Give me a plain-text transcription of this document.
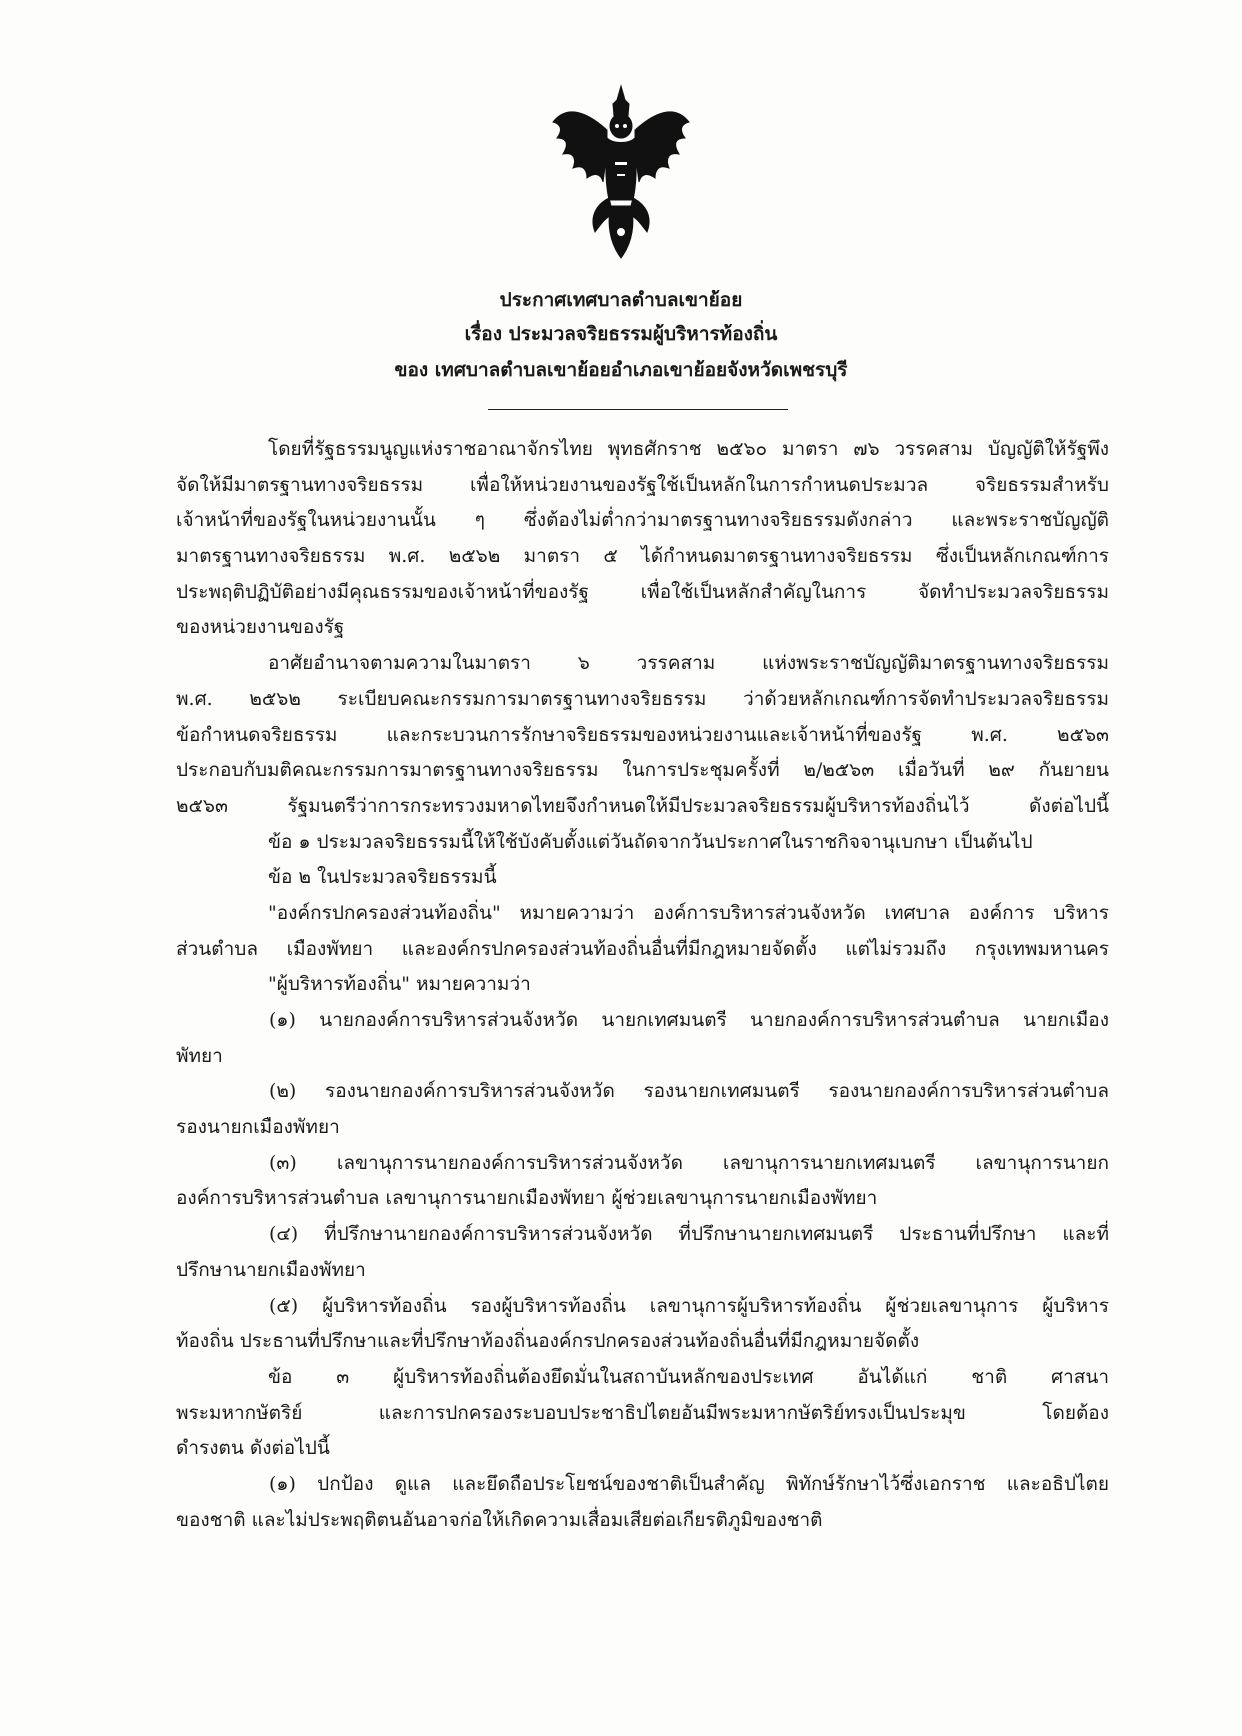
ประกาศเทศบาลตำบลเขาย้อย
เรื่อง ประมวลจริยธรรมผู้บริหารท้องถิ่น
ของ เทศบาลตำบลเขาย้อยอำเภอเขาย้อยจังหวัดเพชรบุรี
โดยที่รัฐธรรมนูญแห่งราชอาณาจักรไทย พุทธศักราช ๒๕๖๐ มาตรา ๗๖ วรรคสาม บัญญัติให้รัฐพึง
จัดให้มีมาตรฐานทางจริยธรรม เพื่อให้หน่วยงานของรัฐใช้เป็นหลักในการกำหนดประมวล จริยธรรมสำหรับ
เจ้าหน้าที่ของรัฐในหน่วยงานนั้น ๆ ซึ่งต้องไม่ต่ำกว่ามาตรฐานทางจริยธรรมดังกล่าว และพระราชบัญญัติ
มาตรฐานทางจริยธรรม พ.ศ. ๒๕๖๒ มาตรา ๕ ได้กำหนดมาตรฐานทางจริยธรรม ซึ่งเป็นหลักเกณฑ์การ
ประพฤติปฏิบัติอย่างมีคุณธรรมของเจ้าหน้าที่ของรัฐ เพื่อใช้เป็นหลักสำคัญในการ จัดทำประมวลจริยธรรม
ของหน่วยงานของรัฐ
อาศัยอำนาจตามความในมาตรา ๖ วรรคสาม แห่งพระราชบัญญัติมาตรฐานทางจริยธรรม
พ.ศ. ๒๕๖๒ ระเบียบคณะกรรมการมาตรฐานทางจริยธรรม ว่าด้วยหลักเกณฑ์การจัดทำประมวลจริยธรรม
ข้อกำหนดจริยธรรม และกระบวนการรักษาจริยธรรมของหน่วยงานและเจ้าหน้าที่ของรัฐ พ.ศ. ๒๕๖๓
ประกอบกับมติคณะกรรมการมาตรฐานทางจริยธรรม ในการประชุมครั้งที่ ๒/๒๕๖๓ เมื่อวันที่ ๒๙ กันยายน
๒๕๖๓ รัฐมนตรีว่าการกระทรวงมหาดไทยจึงกำหนดให้มีประมวลจริยธรรมผู้บริหารท้องถิ่นไว้ ดังต่อไปนี้
ข้อ ๑ ประมวลจริยธรรมนี้ให้ใช้บังคับตั้งแต่วันถัดจากวันประกาศในราชกิจจานุเบกษา เป็นต้นไป
ข้อ ๒ ในประมวลจริยธรรมนี้
"องค์กรปกครองส่วนท้องถิ่น" หมายความว่า องค์การบริหารส่วนจังหวัด เทศบาล องค์การ บริหาร
ส่วนตำบล เมืองพัทยา และองค์กรปกครองส่วนท้องถิ่นอื่นที่มีกฎหมายจัดตั้ง แต่ไม่รวมถึง กรุงเทพมหานคร
"ผู้บริหารท้องถิ่น" หมายความว่า
(๑) นายกองค์การบริหารส่วนจังหวัด นายกเทศมนตรี นายกองค์การบริหารส่วนตำบล นายกเมือง
พัทยา
(๒) รองนายกองค์การบริหารส่วนจังหวัด รองนายกเทศมนตรี รองนายกองค์การบริหารส่วนตำบล
รองนายกเมืองพัทยา
(๓) เลขานุการนายกองค์การบริหารส่วนจังหวัด เลขานุการนายกเทศมนตรี เลขานุการนายก
องค์การบริหารส่วนตำบล เลขานุการนายกเมืองพัทยา ผู้ช่วยเลขานุการนายกเมืองพัทยา
(๔) ที่ปรึกษานายกองค์การบริหารส่วนจังหวัด ที่ปรึกษานายกเทศมนตรี ประธานที่ปรึกษา และที่
ปรึกษานายกเมืองพัทยา
(๕) ผู้บริหารท้องถิ่น รองผู้บริหารท้องถิ่น เลขานุการผู้บริหารท้องถิ่น ผู้ช่วยเลขานุการ ผู้บริหาร
ท้องถิ่น ประธานที่ปรึกษาและที่ปรึกษาท้องถิ่นองค์กรปกครองส่วนท้องถิ่นอื่นที่มีกฎหมายจัดตั้ง
ข้อ ๓ ผู้บริหารท้องถิ่นต้องยึดมั่นในสถาบันหลักของประเทศ อันได้แก่ ชาติ ศาสนา
พระมหากษัตริย์ และการปกครองระบอบประชาธิปไตยอันมีพระมหากษัตริย์ทรงเป็นประมุข โดยต้อง
ดำรงตน ดังต่อไปนี้
(๑) ปกป้อง ดูแล และยึดถือประโยชน์ของชาติเป็นสำคัญ พิทักษ์รักษาไว้ซึ่งเอกราช และอธิปไตย
ของชาติ และไม่ประพฤติตนอันอาจก่อให้เกิดความเสื่อมเสียต่อเกียรติภูมิของชาติ
